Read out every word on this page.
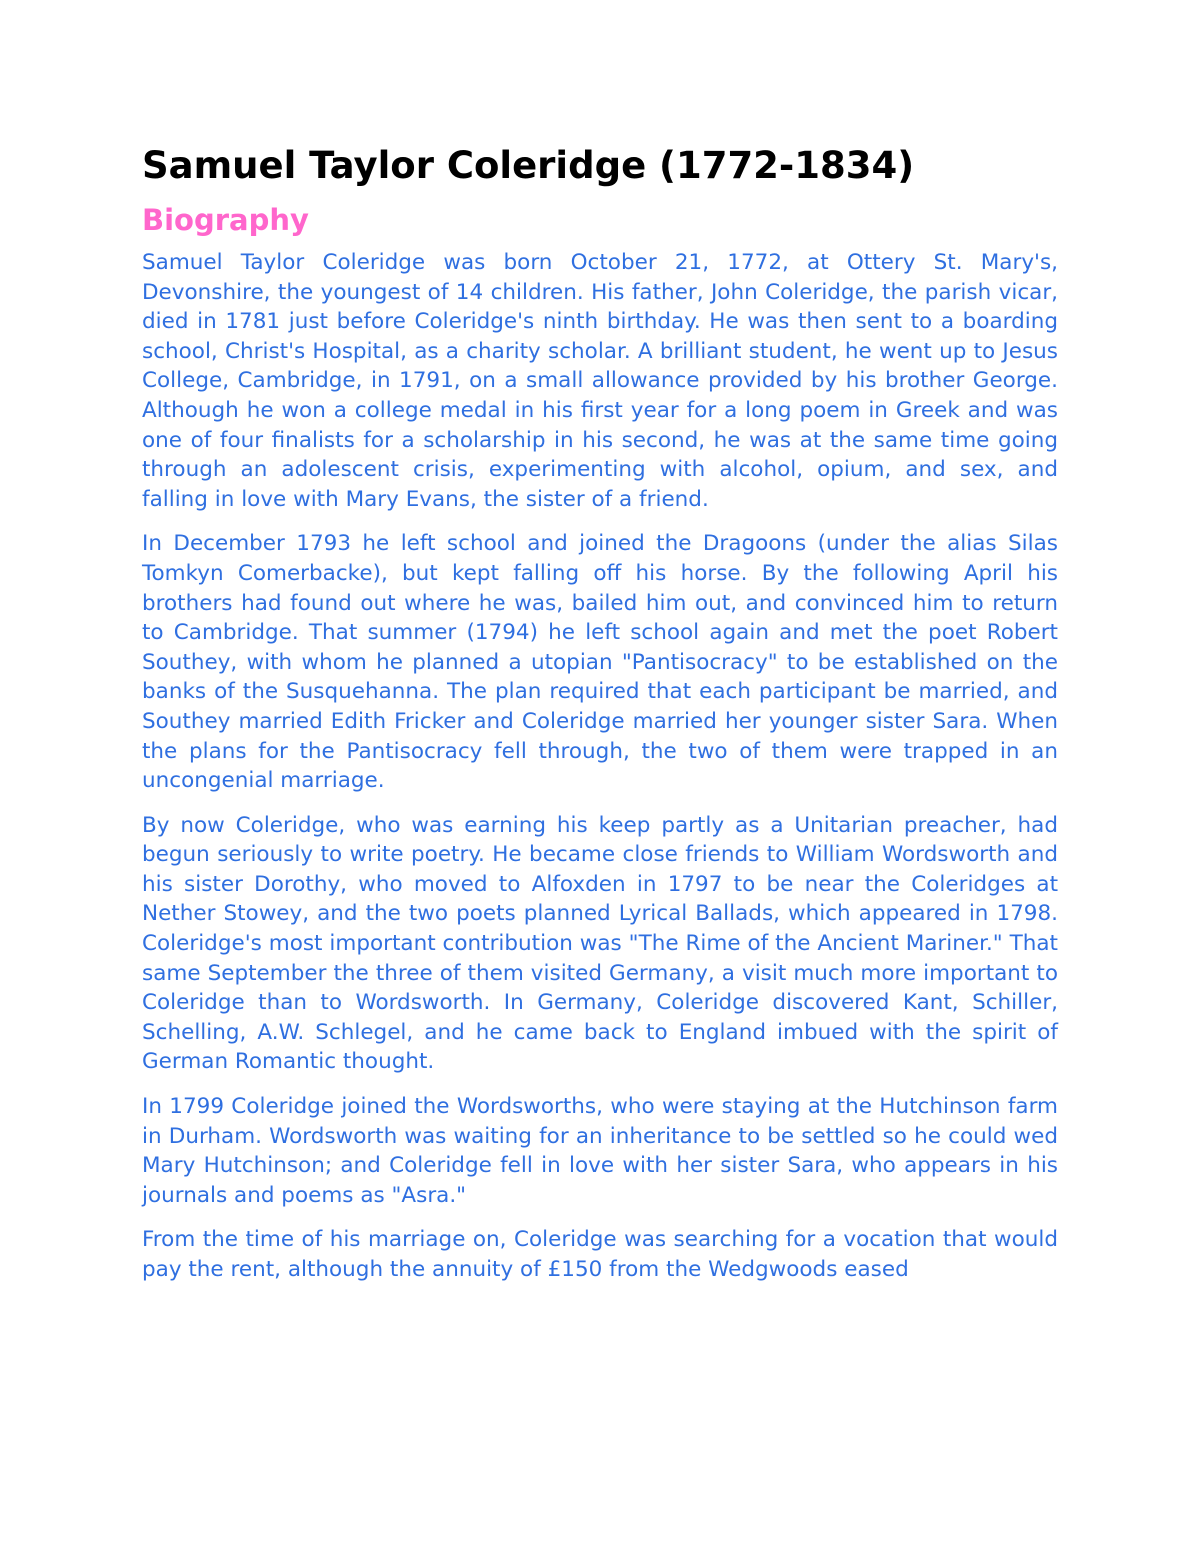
Samuel Taylor Coleridge (1772-1834)
Biography

Samuel Taylor Coleridge was born October 21, 1772, at Ottery St. Mary's, Devonshire, the youngest of 14 children. His father, John Coleridge, the parish vicar, died in 1781 just before Coleridge's ninth birthday. He was then sent to a boarding school, Christ's Hospital, as a charity scholar. A brilliant student, he went up to Jesus College, Cambridge, in 1791, on a small allowance provided by his brother George. Although he won a college medal in his first year for a long poem in Greek and was one of four finalists for a scholarship in his second, he was at the same time going through an adolescent crisis, experimenting with alcohol, opium, and sex, and falling in love with Mary Evans, the sister of a friend.

In December 1793 he left school and joined the Dragoons (under the alias Silas Tomkyn Comerbacke), but kept falling off his horse. By the following April his brothers had found out where he was, bailed him out, and convinced him to return to Cambridge. That summer (1794) he left school again and met the poet Robert Southey, with whom he planned a utopian "Pantisocracy" to be established on the banks of the Susquehanna. The plan required that each participant be married, and Southey married Edith Fricker and Coleridge married her younger sister Sara. When the plans for the Pantisocracy fell through, the two of them were trapped in an uncongenial marriage.

By now Coleridge, who was earning his keep partly as a Unitarian preacher, had begun seriously to write poetry. He became close friends to William Wordsworth and his sister Dorothy, who moved to Alfoxden in 1797 to be near the Coleridges at Nether Stowey, and the two poets planned Lyrical Ballads, which appeared in 1798. Coleridge's most important contribution was "The Rime of the Ancient Mariner." That same September the three of them visited Germany, a visit much more important to Coleridge than to Wordsworth. In Germany, Coleridge discovered Kant, Schiller, Schelling, A.W. Schlegel, and he came back to England imbued with the spirit of German Romantic thought.

In 1799 Coleridge joined the Wordsworths, who were staying at the Hutchinson farm in Durham. Wordsworth was waiting for an inheritance to be settled so he could wed Mary Hutchinson; and Coleridge fell in love with her sister Sara, who appears in his journals and poems as "Asra."

From the time of his marriage on, Coleridge was searching for a vocation that would pay the rent, although the annuity of £150 from the Wedgwoods eased
